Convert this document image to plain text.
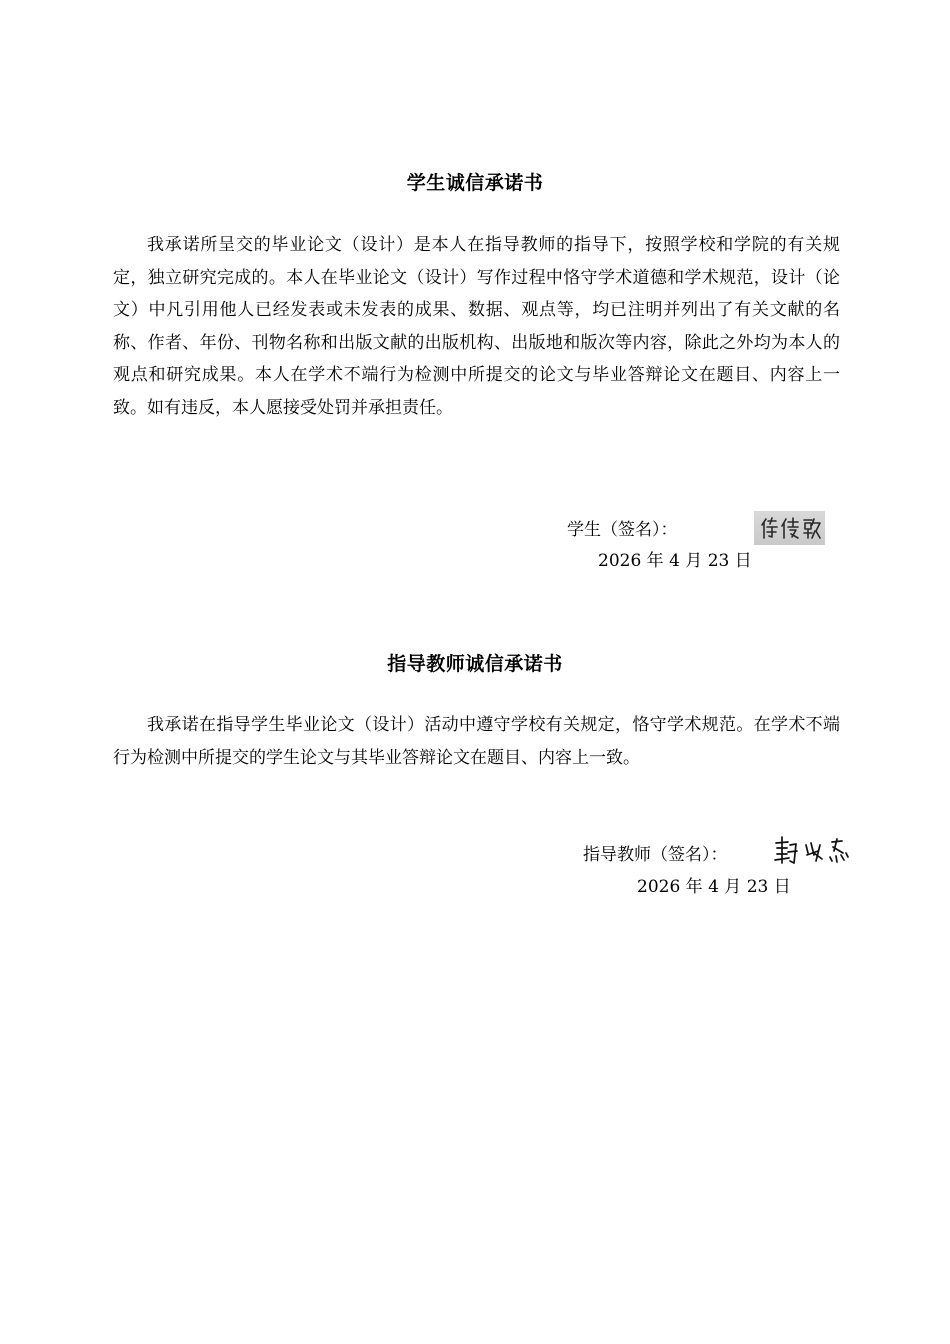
学生诚信承诺书

我承诺所呈交的毕业论文（设计）是本人在指导教师的指导下，按照学校和学院的有关规定，独立研究完成的。本人在毕业论文（设计）写作过程中恪守学术道德和学术规范，设计（论文）中凡引用他人已经发表或未发表的成果、数据、观点等，均已注明并列出了有关文献的名称、作者、年份、刊物名称和出版文献的出版机构、出版地和版次等内容，除此之外均为本人的观点和研究成果。本人在学术不端行为检测中所提交的论文与毕业答辩论文在题目、内容上一致。如有违反，本人愿接受处罚并承担责任。

学生（签名）：
2026 年 4 月 23 日
指导教师诚信承诺书

我承诺在指导学生毕业论文（设计）活动中遵守学校有关规定，恪守学术规范。在学术不端行为检测中所提交的学生论文与其毕业答辩论文在题目、内容上一致。

指导教师（签名）：
2026 年 4 月 23 日
